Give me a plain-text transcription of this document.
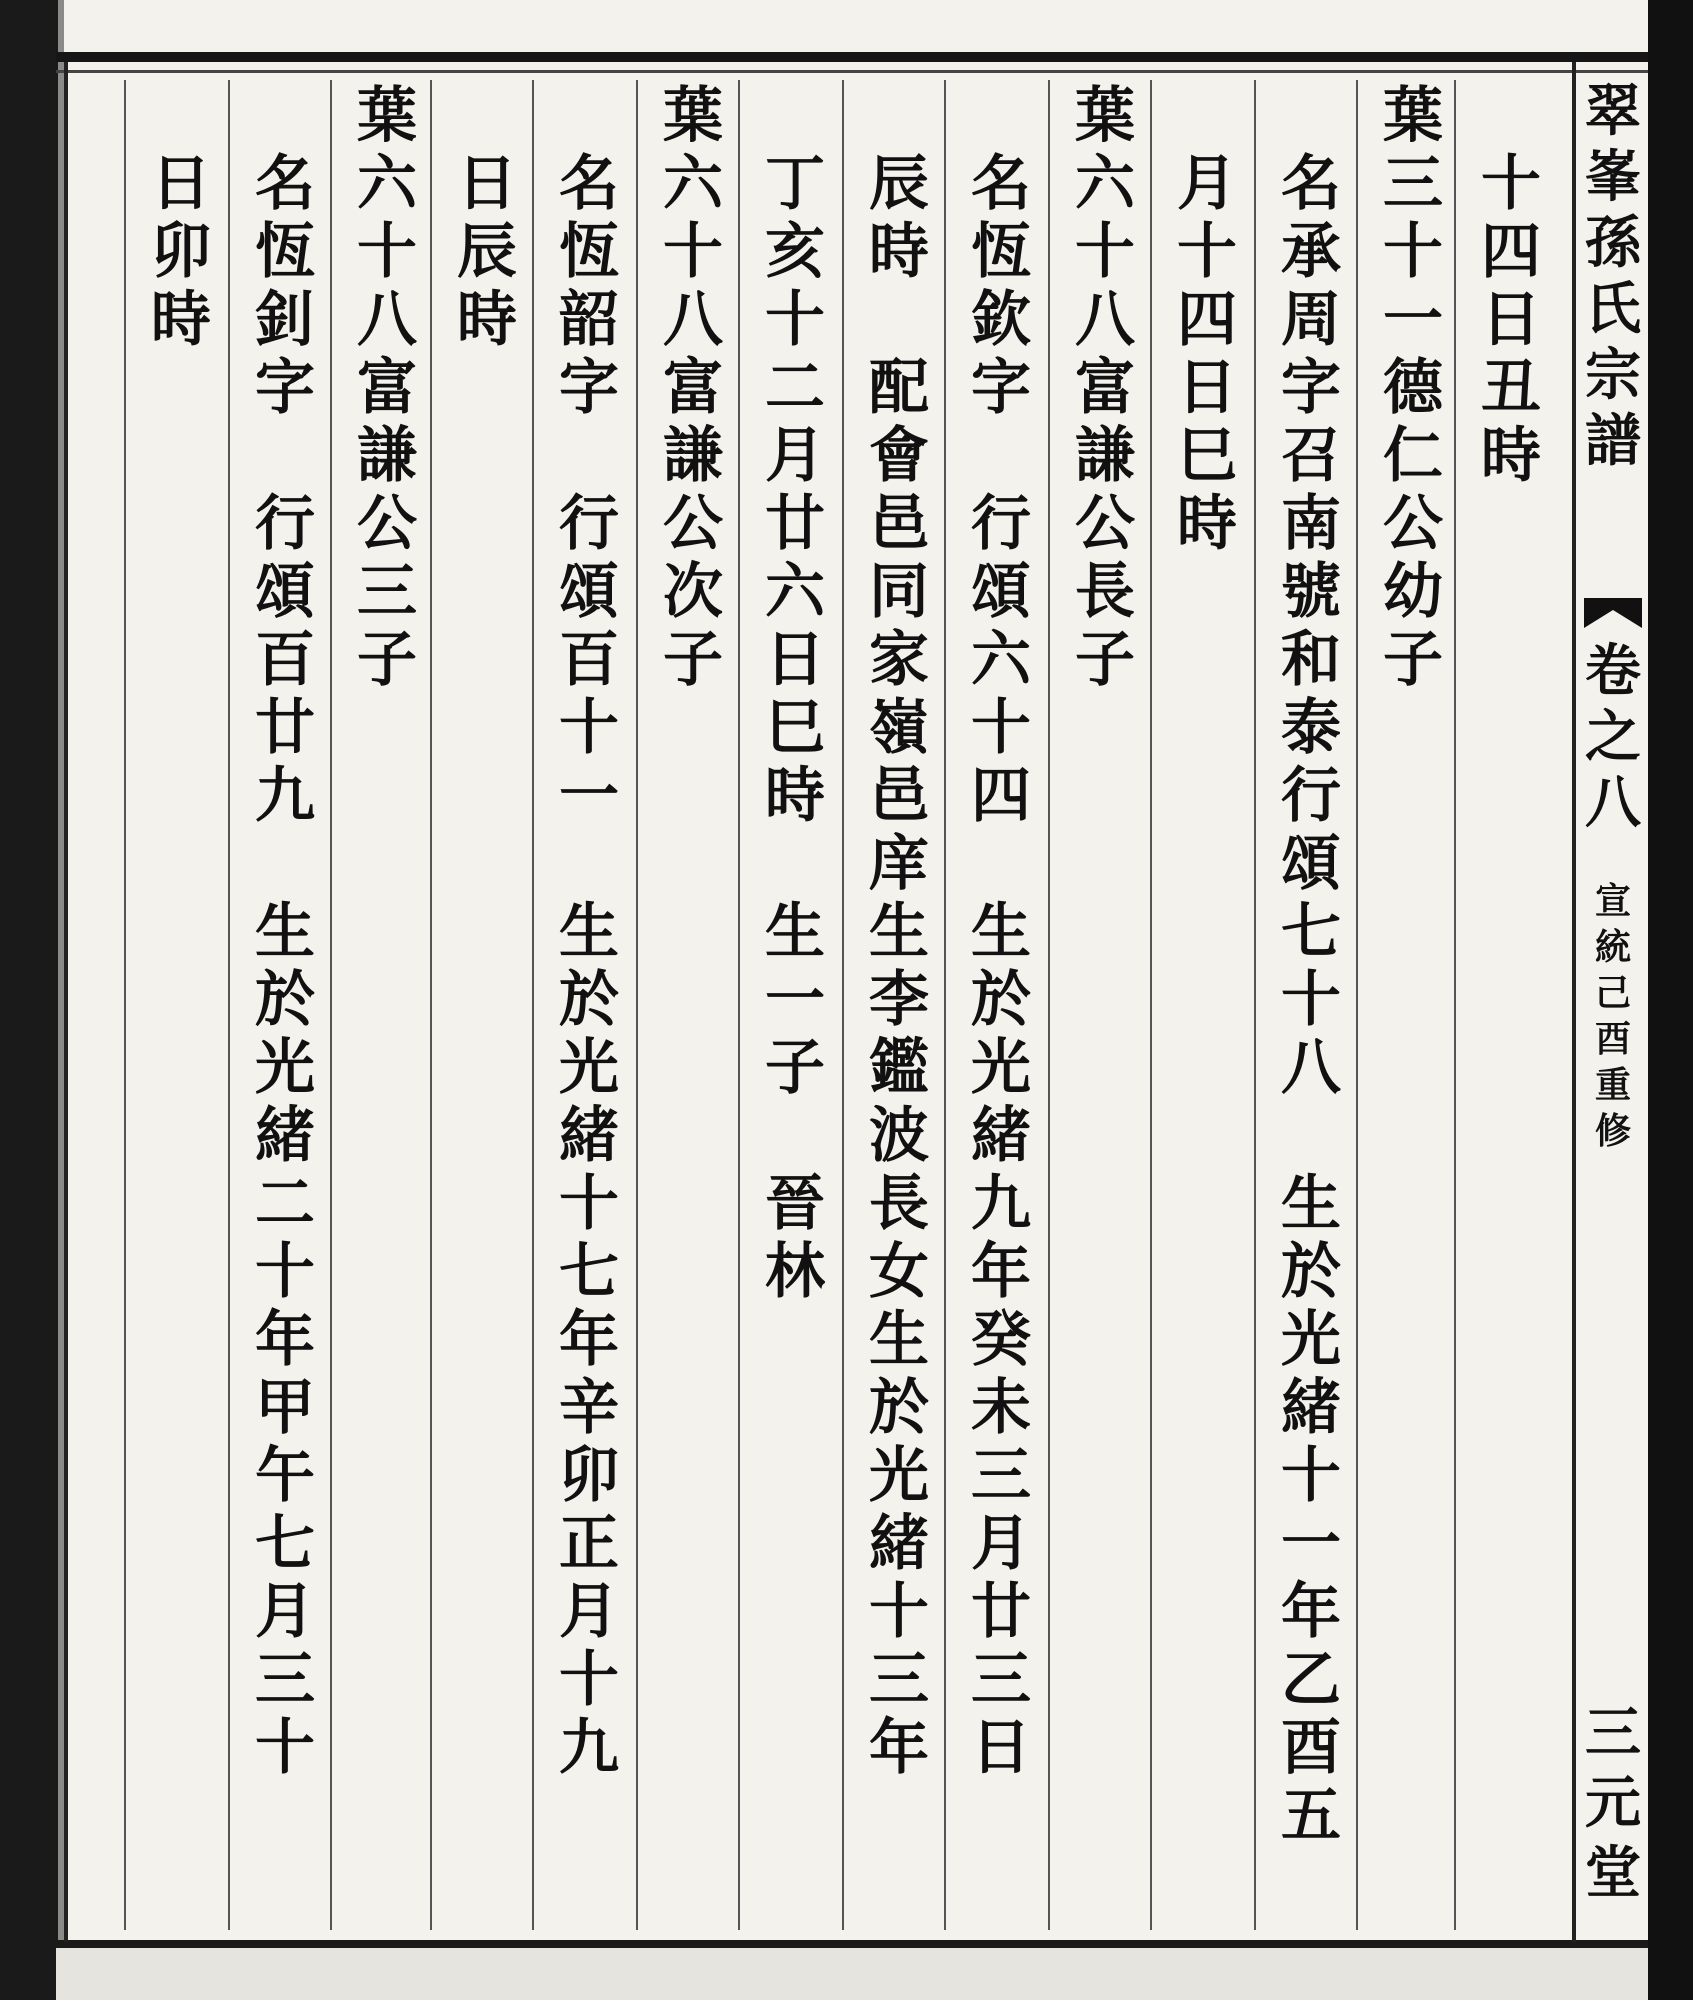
十四日丑時
葉三十一德仁公幼子
名承周字召南號和泰行頌七十八
生於光緒十一年乙酉五
月十四日巳時
葉六十八富謙公長子
名恆欽字
行頌六十四
生於光緒九年癸未三月廿三日
辰時
配會邑同家嶺邑庠生李鑑波長女生於光緒十三年
丁亥十二月廿六日巳時
生一子
晉林
葉六十八富謙公次子
名恆韶字
行頌百十一
生於光緒十七年辛卯正月十九
日辰時
葉六十八富謙公三子
名恆釗字
行頌百廿九
生於光緒二十年甲午七月三十
日卯時
翠峯孫氏宗譜
卷之八
宣統己酉重修
三元堂
